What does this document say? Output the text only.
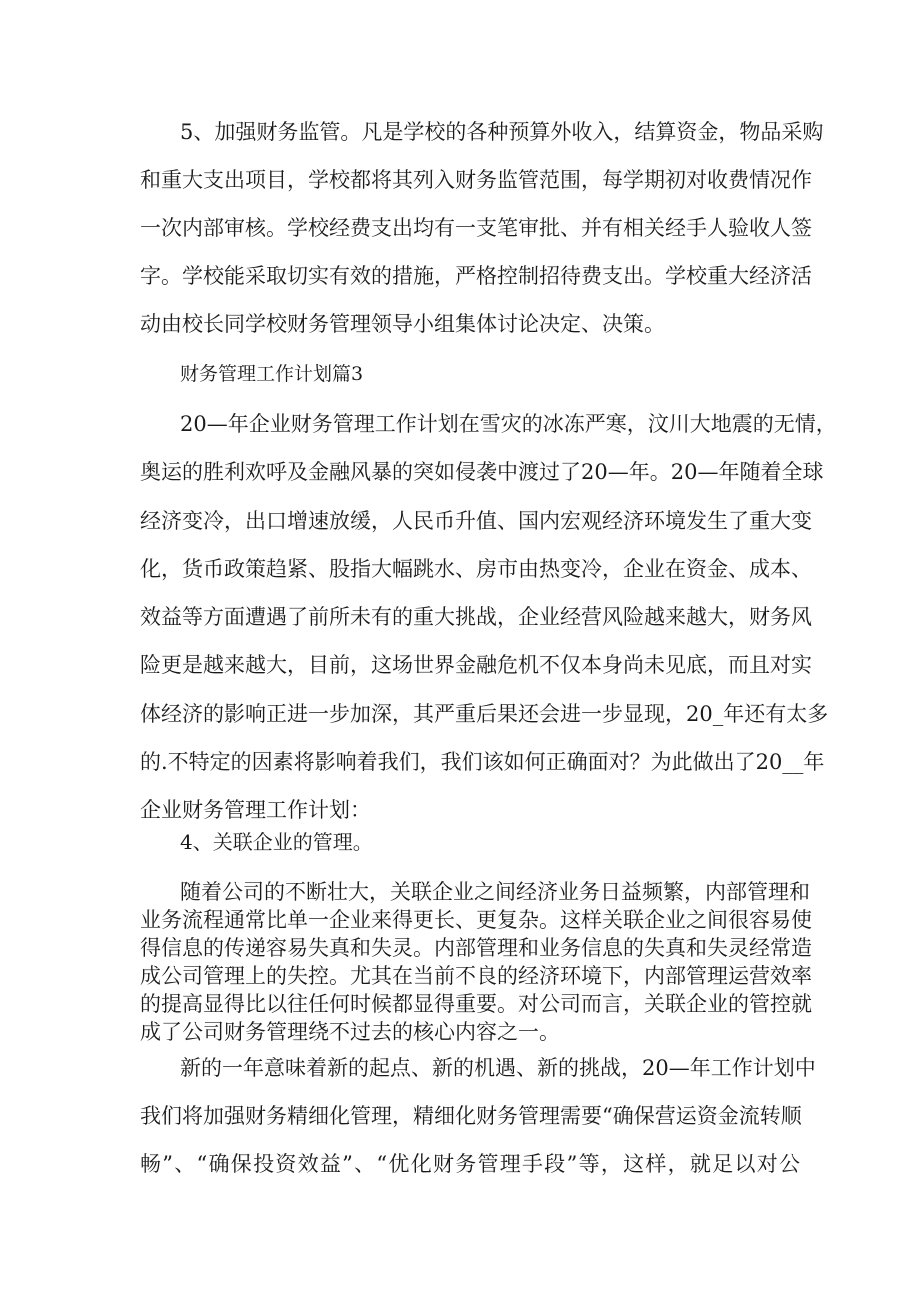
5、加强财务监管。凡是学校的各种预算外收入，结算资金，物品采购
和重大支出项目，学校都将其列入财务监管范围，每学期初对收费情况作
一次内部审核。学校经费支出均有一支笔审批、并有相关经手人验收人签
字。学校能采取切实有效的措施，严格控制招待费支出。学校重大经济活
动由校长同学校财务管理领导小组集体讨论决定、决策。
财务管理工作计划篇3
20—年企业财务管理工作计划在雪灾的冰冻严寒，汶川大地震的无情，
奥运的胜利欢呼及金融风暴的突如侵袭中渡过了20—年。20—年随着全球
经济变冷，出口增速放缓，人民币升值、国内宏观经济环境发生了重大变
化，货币政策趋紧、股指大幅跳水、房市由热变冷，企业在资金、成本、
效益等方面遭遇了前所未有的重大挑战，企业经营风险越来越大，财务风
险更是越来越大，目前，这场世界金融危机不仅本身尚未见底，而且对实
体经济的影响正进一步加深，其严重后果还会进一步显现，20_年还有太多
的.不特定的因素将影响着我们，我们该如何正确面对？为此做出了20__年
企业财务管理工作计划：
4、关联企业的管理。
随着公司的不断壮大，关联企业之间经济业务日益频繁，内部管理和
业务流程通常比单一企业来得更长、更复杂。这样关联企业之间很容易使
得信息的传递容易失真和失灵。内部管理和业务信息的失真和失灵经常造
成公司管理上的失控。尤其在当前不良的经济环境下，内部管理运营效率
的提高显得比以往任何时候都显得重要。对公司而言，关联企业的管控就
成了公司财务管理绕不过去的核心内容之一。
新的一年意味着新的起点、新的机遇、新的挑战，20—年工作计划中
我们将加强财务精细化管理，精细化财务管理需要“确保营运资金流转顺
畅”、“确保投资效益”、“优化财务管理手段”等，这样，就足以对公
